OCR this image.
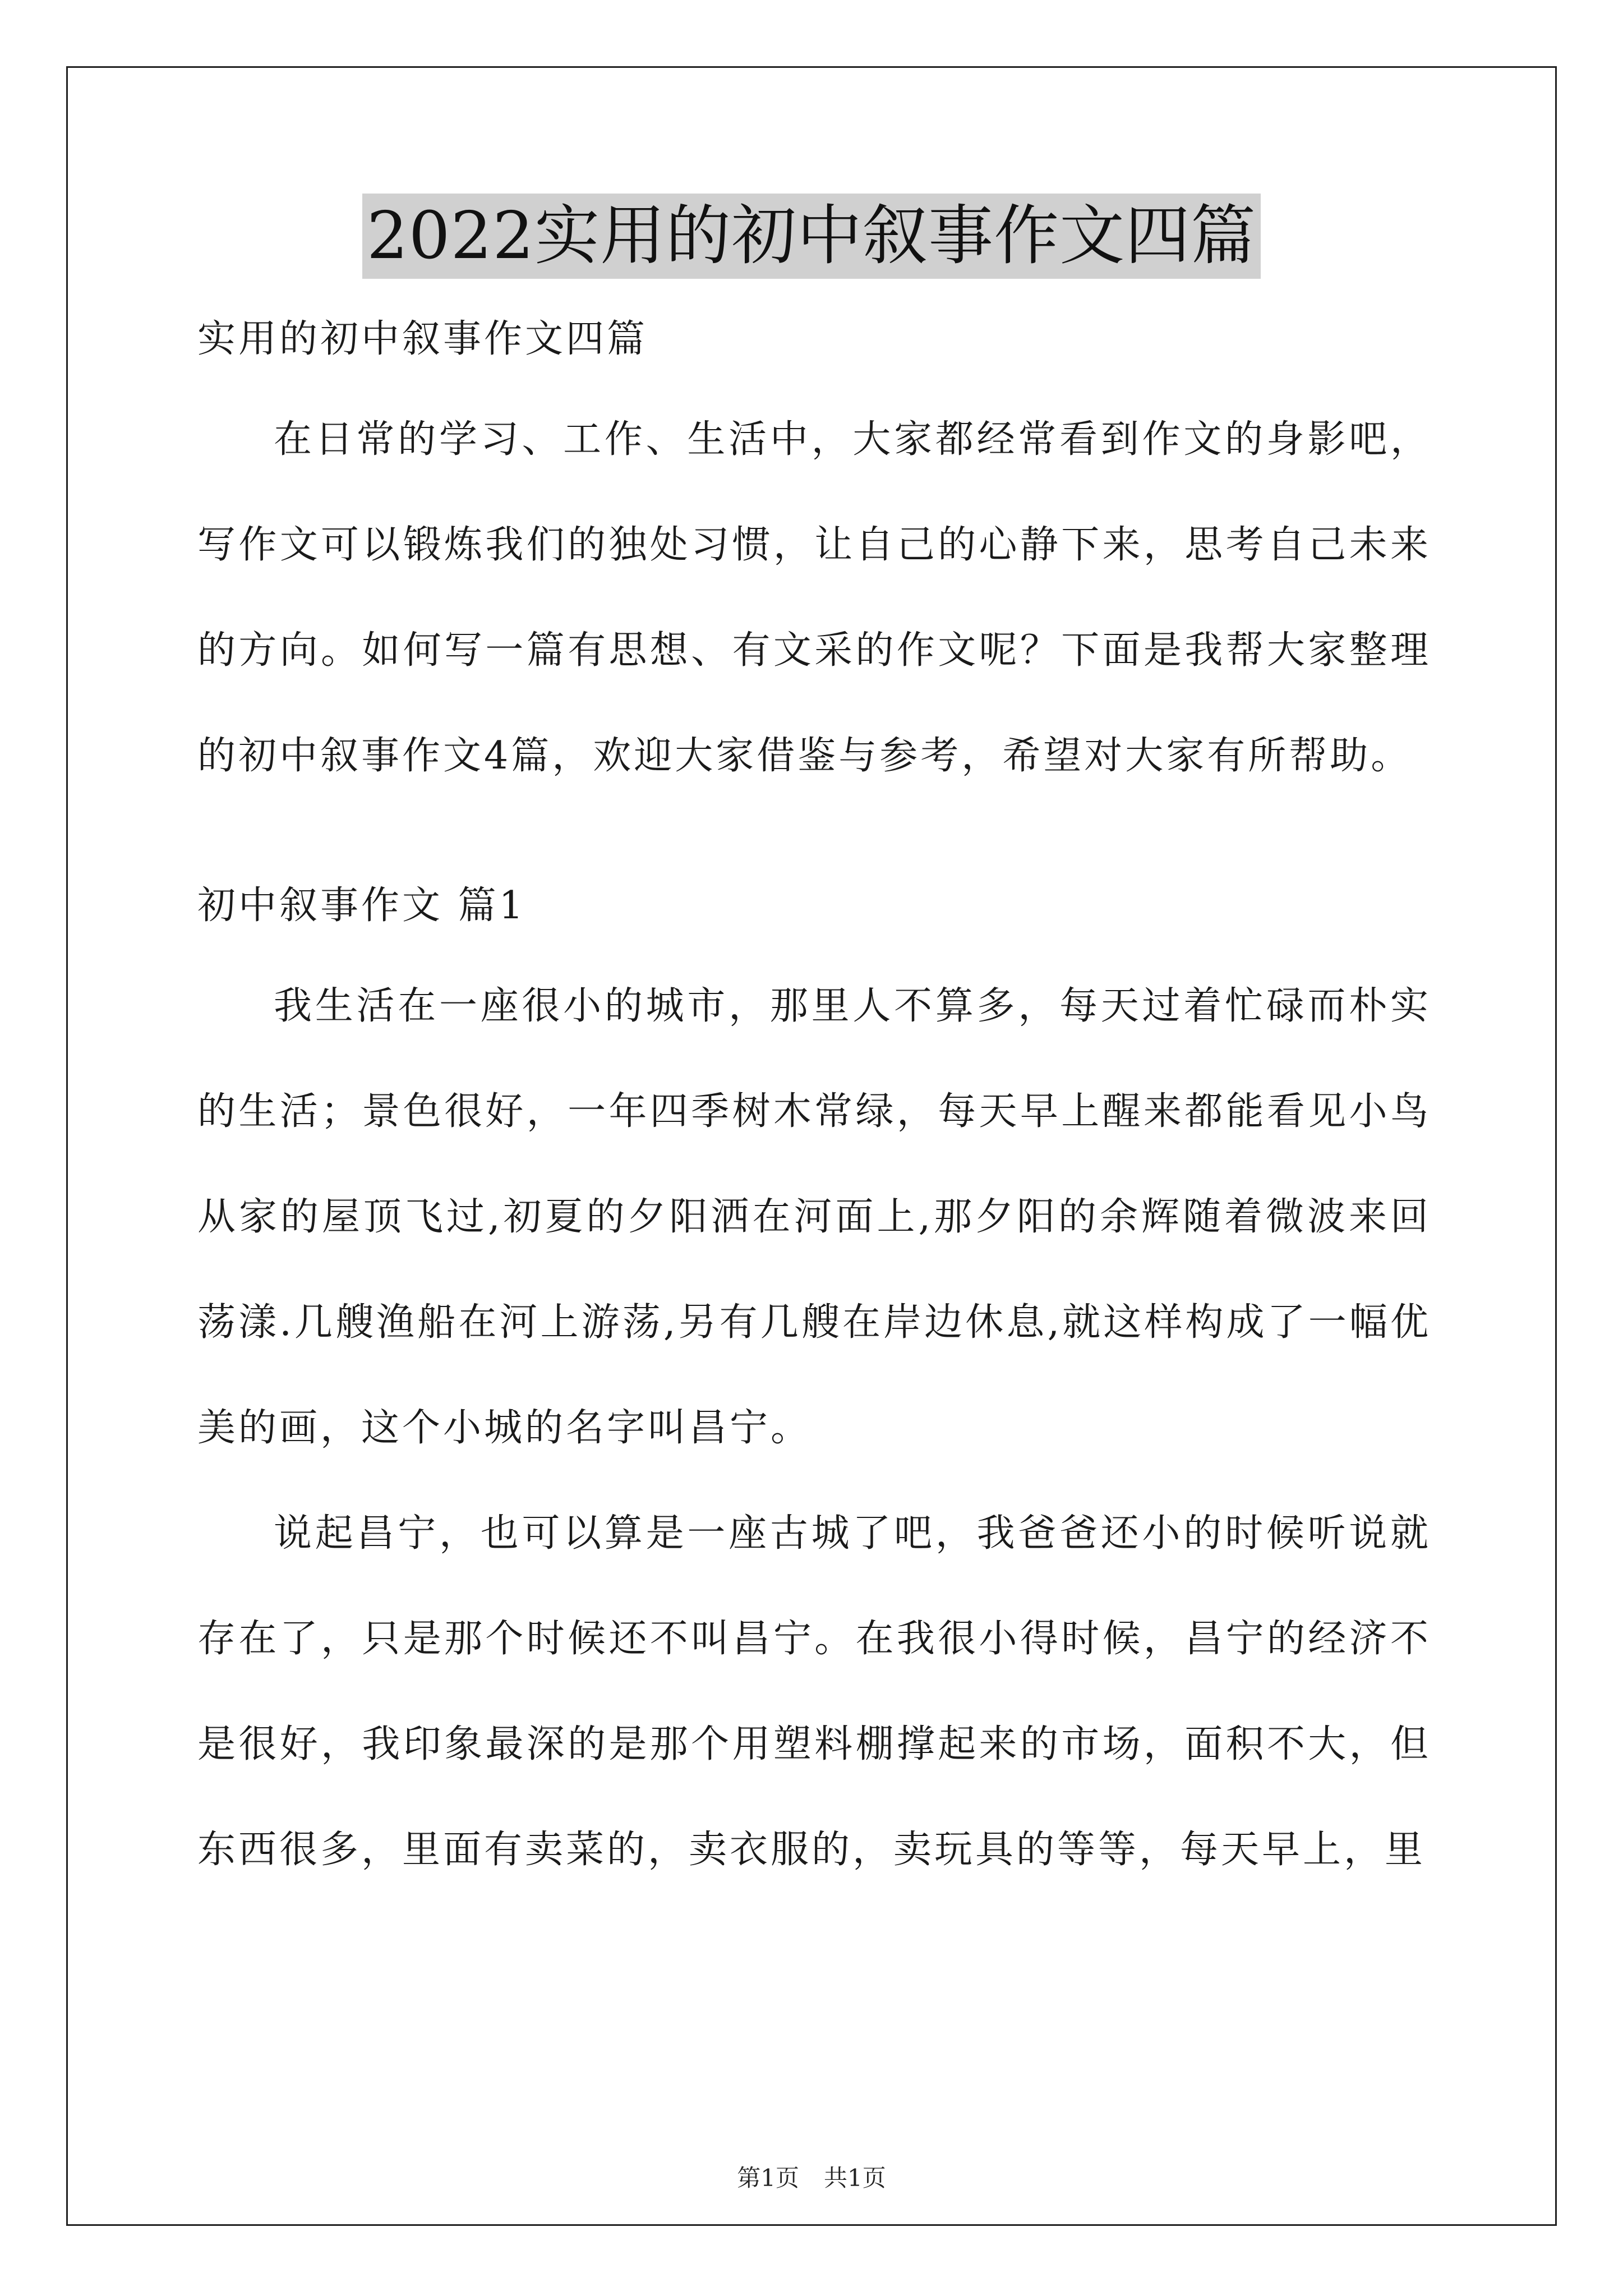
2022实用的初中叙事作文四篇

实用的初中叙事作文四篇

在日常的学习、工作、生活中，大家都经常看到作文的身影吧，写作文可以锻炼我们的独处习惯，让自己的心静下来，思考自己未来的方向。如何写一篇有思想、有文采的作文呢？下面是我帮大家整理的初中叙事作文4篇，欢迎大家借鉴与参考，希望对大家有所帮助。

初中叙事作文 篇1

我生活在一座很小的城市，那里人不算多，每天过着忙碌而朴实的生活；景色很好，一年四季树木常绿，每天早上醒来都能看见小鸟从家的屋顶飞过,初夏的夕阳洒在河面上,那夕阳的余辉随着微波来回荡漾.几艘渔船在河上游荡,另有几艘在岸边休息,就这样构成了一幅优美的画，这个小城的名字叫昌宁。

说起昌宁，也可以算是一座古城了吧，我爸爸还小的时候听说就存在了，只是那个时候还不叫昌宁。在我很小得时候，昌宁的经济不是很好，我印象最深的是那个用塑料棚撑起来的市场，面积不大，但东西很多，里面有卖菜的，卖衣服的，卖玩具的等等，每天早上，里

第1页 共1页
